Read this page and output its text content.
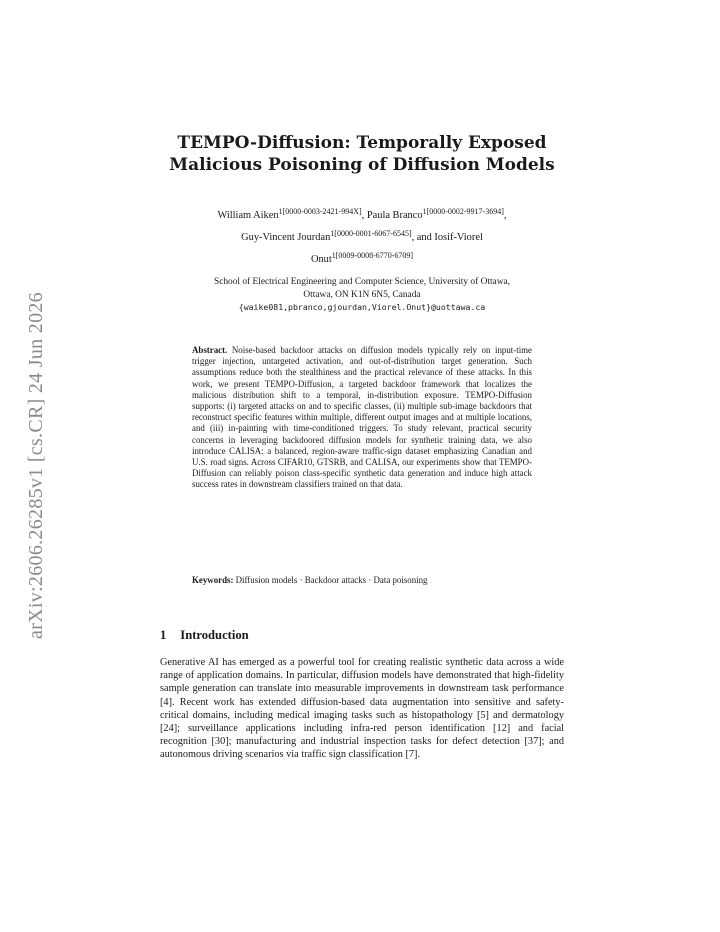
arXiv:2606.26285v1 [cs.CR] 24 Jun 2026
TEMPO-Diffusion: Temporally Exposed
Malicious Poisoning of Diffusion Models
William Aiken$^{1[0000-0003-2421-994X]}$, Paula Branco$^{1[0000-0002-9917-3694]}$,
Guy-Vincent Jourdan$^{1[0000-0001-6067-6545]}$, and Iosif-Viorel
Onut$^{1[0009-0008-6770-6709]}$
School of Electrical Engineering and Computer Science, University of Ottawa,
Ottawa, ON K1N 6N5, Canada
{waike081,pbranco,gjourdan,Viorel.Onut}@uottawa.ca
Abstract. Noise-based backdoor attacks on diffusion models typically rely on input-time trigger injection, untargeted activation, and out-of-distribution target generation. Such assumptions reduce both the stealthiness and the practical relevance of these attacks. In this work, we present TEMPO-Diffusion, a targeted backdoor framework that localizes the malicious distribution shift to a temporal, in-distribution exposure. TEMPO-Diffusion supports: (i) targeted attacks on and to specific classes, (ii) multiple sub-image backdoors that reconstruct specific features within multiple, different output images and at multiple locations, and (iii) in-painting with time-conditioned triggers. To study relevant, practical security concerns in leveraging backdoored diffusion models for synthetic training data, we also introduce CALISA: a balanced, region-aware traffic-sign dataset emphasizing Canadian and U.S. road signs. Across CIFAR10, GTSRB, and CALISA, our experiments show that TEMPO-Diffusion can reliably poison class-specific synthetic data generation and induce high attack success rates in downstream classifiers trained on that data.
Keywords: Diffusion models · Backdoor attacks · Data poisoning
1 Introduction
Generative AI has emerged as a powerful tool for creating realistic synthetic data across a wide range of application domains. In particular, diffusion models have demonstrated that high-fidelity sample generation can translate into measurable improvements in downstream task performance [4]. Recent work has extended diffusion-based data augmentation into sensitive and safety-critical domains, including medical imaging tasks such as histopathology [5] and dermatology [24]; surveillance applications including infra-red person identification [12] and facial recognition [30]; manufacturing and industrial inspection tasks for defect detection [37]; and autonomous driving scenarios via traffic sign classification [7].
